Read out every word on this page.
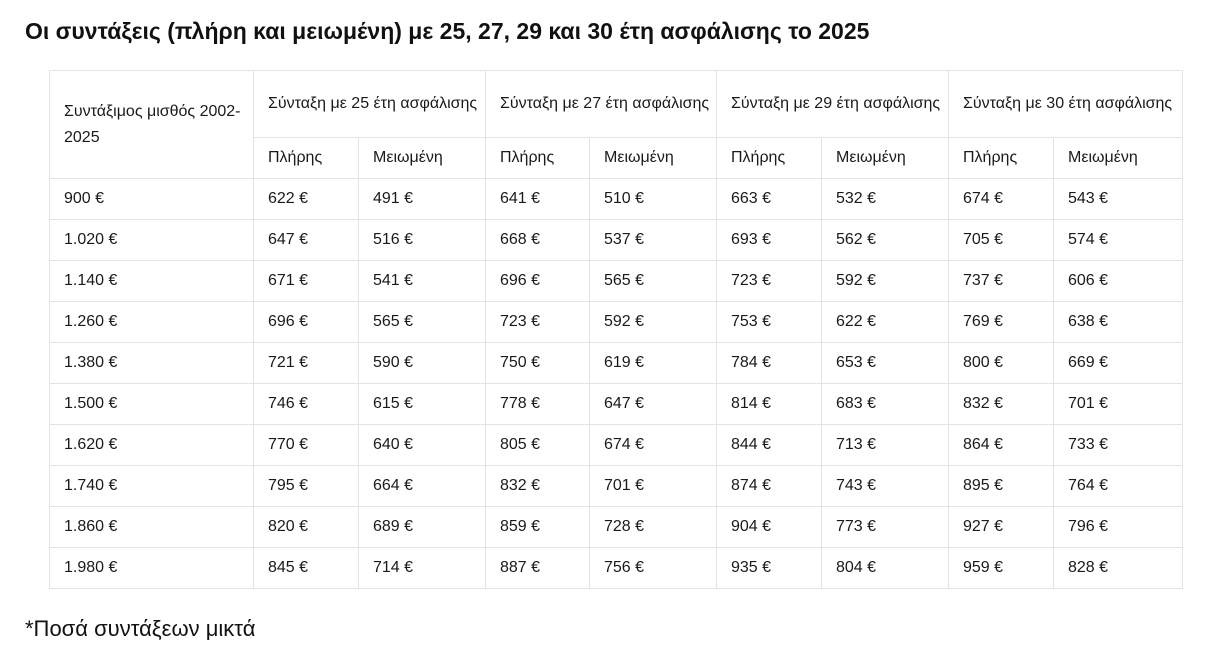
Οι συντάξεις (πλήρη και μειωμένη) με 25, 27, 29 και 30 έτη ασφάλισης το 2025
Συντάξιμος μισθός 2002-2025	Σύνταξη με 25 έτη ασφάλισης		Σύνταξη με 27 έτη ασφάλισης		Σύνταξη με 29 έτη ασφάλισης		Σύνταξη με 30 έτη ασφάλισης	
	Πλήρης	Μειωμένη	Πλήρης	Μειωμένη	Πλήρης	Μειωμένη	Πλήρης	Μειωμένη
900 €	622 €	491 €	641 €	510 €	663 €	532 €	674 €	543 €
1.020 €	647 €	516 €	668 €	537 €	693 €	562 €	705 €	574 €
1.140 €	671 €	541 €	696 €	565 €	723 €	592 €	737 €	606 €
1.260 €	696 €	565 €	723 €	592 €	753 €	622 €	769 €	638 €
1.380 €	721 €	590 €	750 €	619 €	784 €	653 €	800 €	669 €
1.500 €	746 €	615 €	778 €	647 €	814 €	683 €	832 €	701 €
1.620 €	770 €	640 €	805 €	674 €	844 €	713 €	864 €	733 €
1.740 €	795 €	664 €	832 €	701 €	874 €	743 €	895 €	764 €
1.860 €	820 €	689 €	859 €	728 €	904 €	773 €	927 €	796 €
1.980 €	845 €	714 €	887 €	756 €	935 €	804 €	959 €	828 €

*Ποσά συντάξεων μικτά
